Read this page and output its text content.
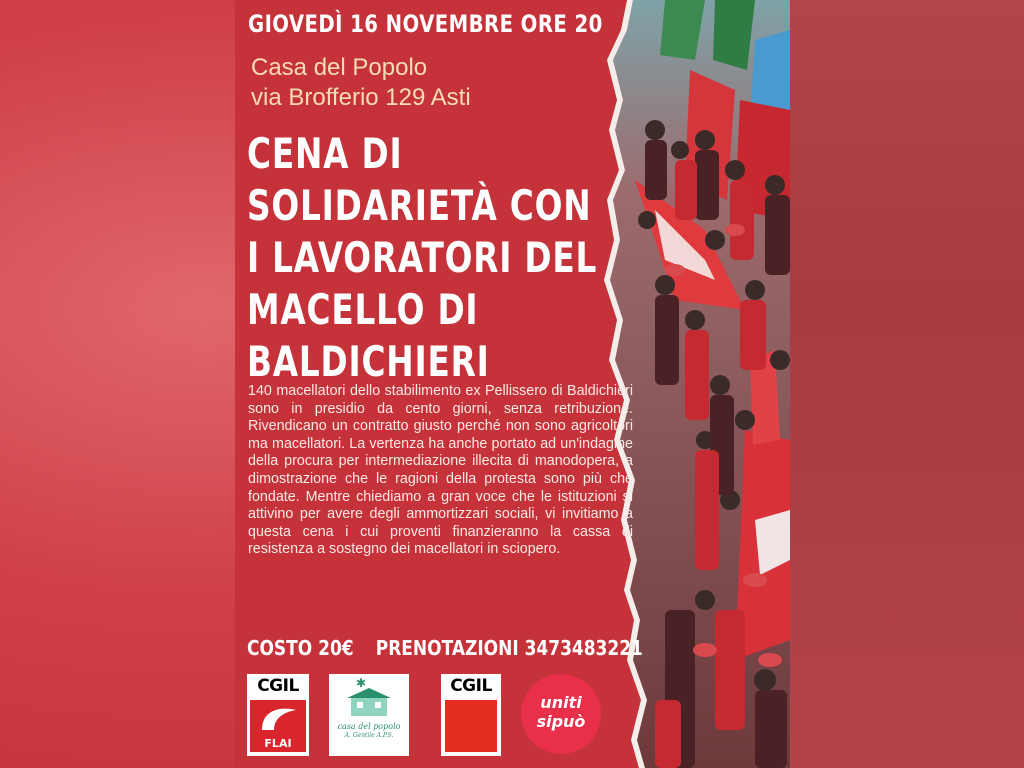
GIOVEDÌ 16 NOVEMBRE ORE 20
Casa del Popolo
via Brofferio 129 Asti
CENA DI
SOLIDARIETÀ CON
I LAVORATORI DEL
MACELLO DI
BALDICHIERI
140 macellatori dello stabilimento ex Pellissero di Baldichieri sono in presidio da cento giorni, senza retribuzione. Rivendicano un contratto giusto perché non sono agricoltori ma macellatori. La vertenza ha anche portato ad un'indagine della procura per intermediazione illecita di manodopera, a dimostrazione che le ragioni della protesta sono più che fondate. Mentre chiediamo a gran voce che le istituzioni si attivino per avere degli ammortizzari sociali, vi invitiamo a questa cena i cui proventi finanzieranno la cassa di resistenza a sostegno dei macellatori in sciopero.
COSTO 20€ PRENOTAZIONI 3473483221
CGIL
FLAI
✱
casa del popolo
A. Gentile A.P.S.
CGIL
uniti
sipuò
